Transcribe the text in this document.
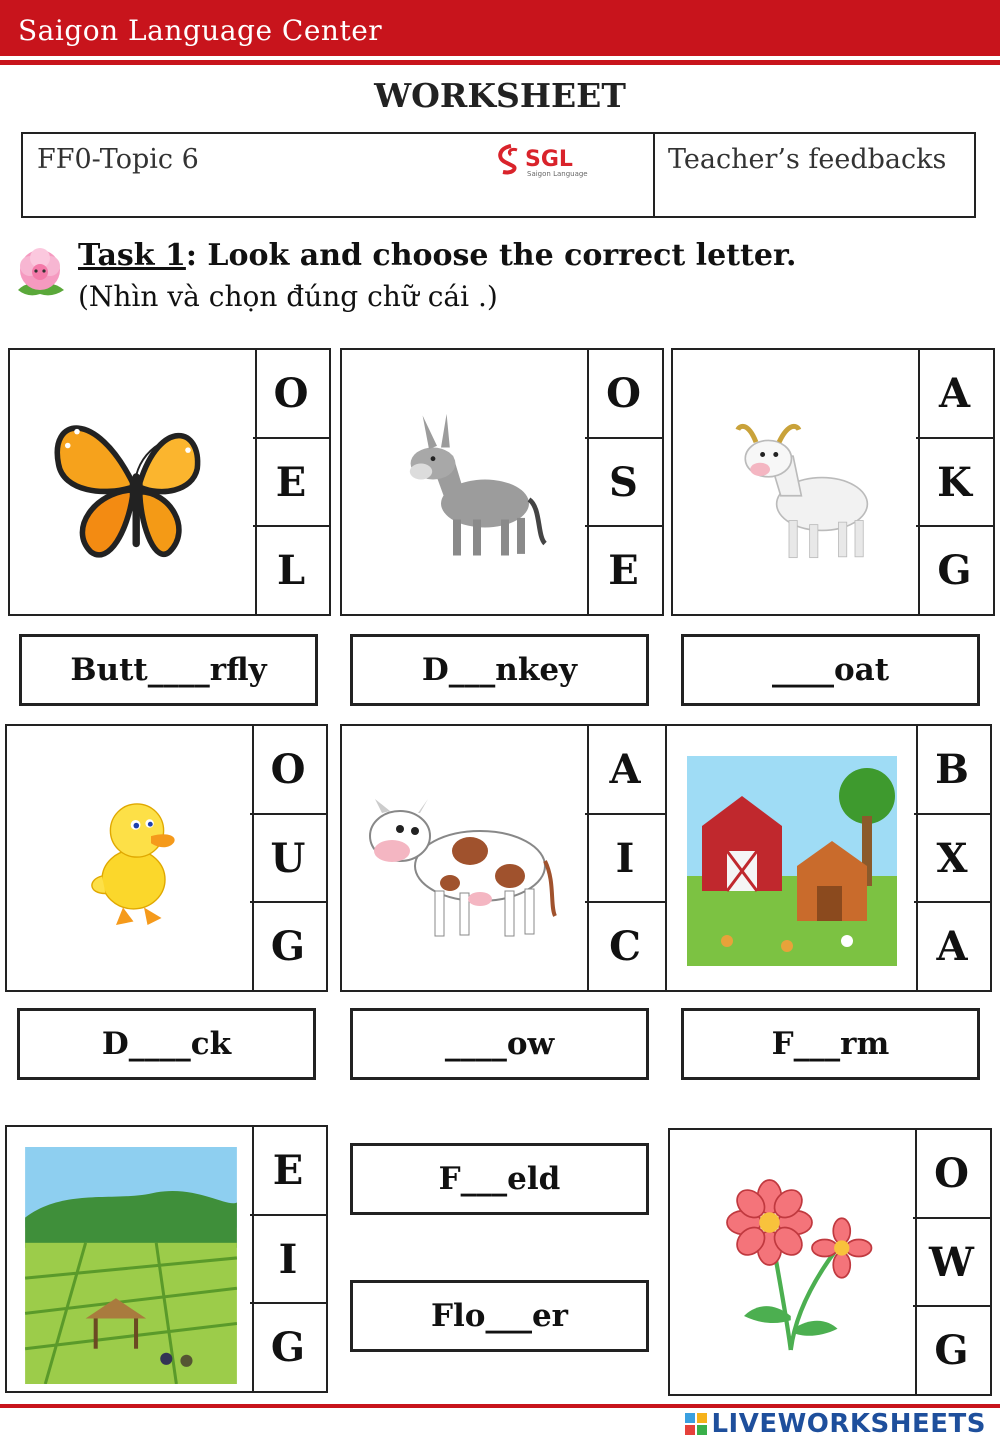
Saigon Language Center
WORKSHEET
FF0-Topic 6	SGL
Saigon Language	Teacher’s feedbacks
Task 1: Look and choose the correct letter.
(Nhìn và chọn đúng chữ cái .)
O
E
L
O
S
E
A
K
G
Butt____rfly	D___nkey	____oat
O
U
G
A
I
C
B
X
A
D____ck	____ow	F___rm
E
I
G
F___eld
Flo___er
O
W
G
LIVEWORKSHEETS
